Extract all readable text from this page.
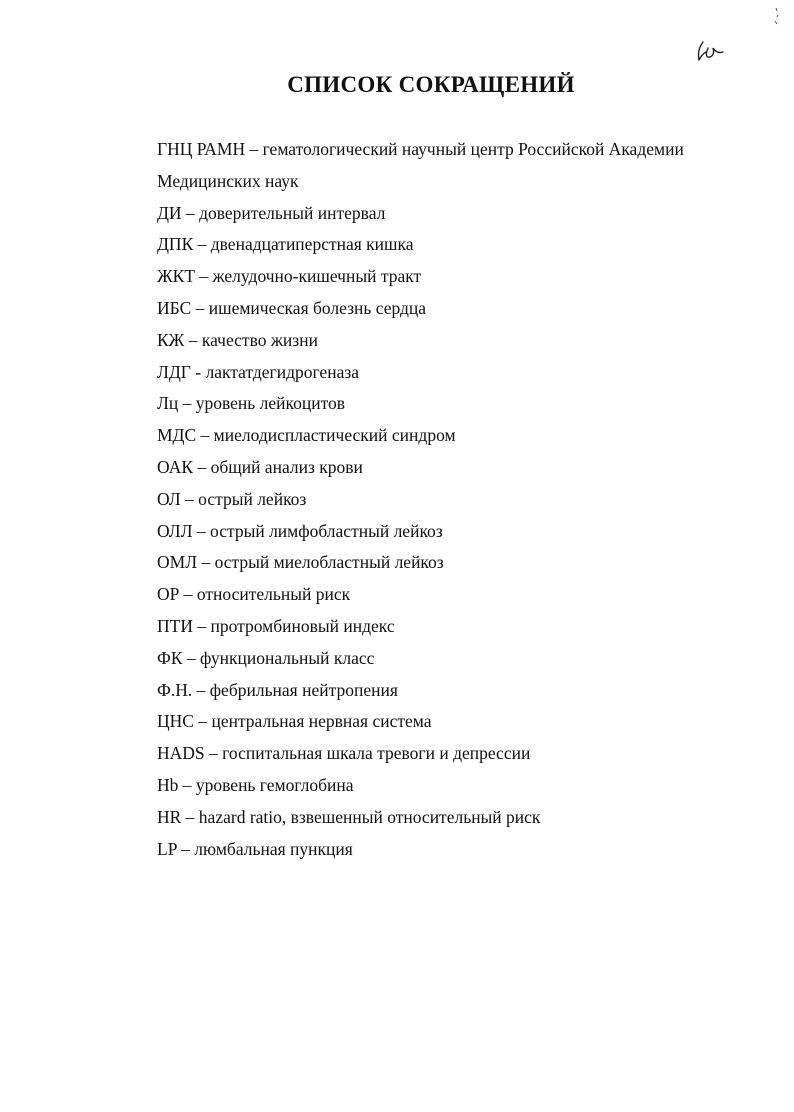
СПИСОК СОКРАЩЕНИЙ
ГНЦ РАМН – гематологический научный центр Российской Академии
Медицинских наук
ДИ – доверительный интервал
ДПК – двенадцатиперстная кишка
ЖКТ – желудочно-кишечный тракт
ИБС – ишемическая болезнь сердца
КЖ – качество жизни
ЛДГ - лактатдегидрогеназа
Лц – уровень лейкоцитов
МДС – миелодиспластический синдром
ОАК – общий анализ крови
ОЛ – острый лейкоз
ОЛЛ – острый лимфобластный лейкоз
ОМЛ – острый миелобластный лейкоз
ОР – относительный риск
ПТИ – протромбиновый индекс
ФК – функциональный класс
Ф.Н. – фебрильная нейтропения
ЦНС – центральная нервная система
HADS – госпитальная шкала тревоги и депрессии
Hb – уровень гемоглобина
HR – hazard ratio, взвешенный относительный риск
LP – люмбальная пункция
